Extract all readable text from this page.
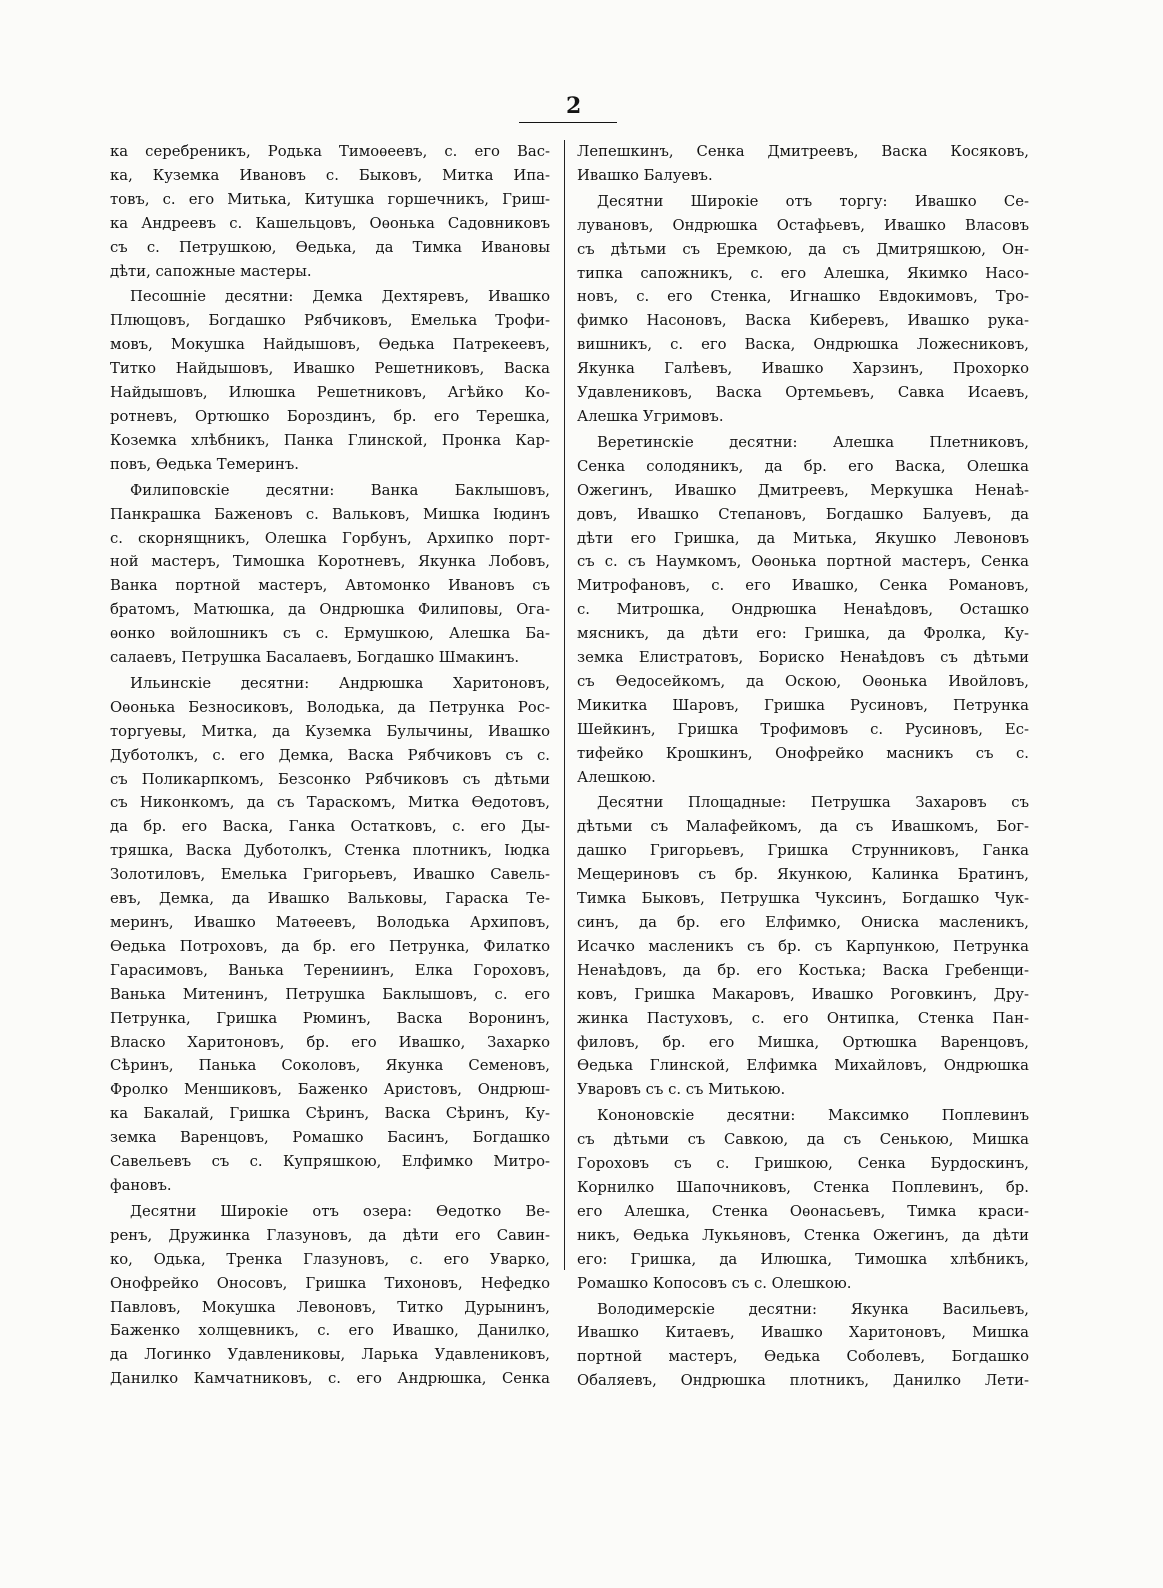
2

ка серебреникъ, Родька Тимоѳеевъ, с. его Вас-
ка, Куземка Ивановъ с. Быковъ, Митка Ипа-
товъ, с. его Митька, Китушка горшечникъ, Гриш-
ка Андреевъ с. Кашельцовъ, Оѳонька Садовниковъ
съ с. Петрушкою, Ѳедька, да Тимка Ивановы
дѣти, сапожные мастеры.

Песошніе десятни: Демка Дехтяревъ, Ивашко
Плющовъ, Богдашко Рябчиковъ, Емелька Трофи-
мовъ, Мокушка Найдышовъ, Ѳедька Патрекеевъ,
Титко Найдышовъ, Ивашко Решетниковъ, Васка
Найдышовъ, Илюшка Решетниковъ, Агѣйко Ко-
ротневъ, Ортюшко Бороздинъ, бр. его Терешка,
Коземка хлѣбникъ, Панка Глинской, Пронка Кар-
повъ, Ѳедька Темеринъ.

Филиповскіе десятни: Ванка Баклышовъ,
Панкрашка Баженовъ с. Вальковъ, Мишка Іюдинъ
с. скорнящникъ, Олешка Горбунъ, Архипко порт-
ной мастеръ, Тимошка Коротневъ, Якунка Лобовъ,
Ванка портной мастеръ, Автомонко Ивановъ съ
братомъ, Матюшка, да Ондрюшка Филиповы, Ога-
ѳонко войлошникъ съ с. Ермушкою, Алешка Ба-
салаевъ, Петрушка Басалаевъ, Богдашко Шмакинъ.

Ильинскіе десятни: Андрюшка Харитоновъ,
Оѳонька Безносиковъ, Володька, да Петрунка Рос-
торгуевы, Митка, да Куземка Булычины, Ивашко
Дуботолкъ, с. его Демка, Васка Рябчиковъ съ с.
съ Поликарпкомъ, Безсонко Рябчиковъ съ дѣтьми
съ Никонкомъ, да съ Тараскомъ, Митка Ѳедотовъ,
да бр. его Васка, Ганка Остатковъ, с. его Ды-
тряшка, Васка Дуботолкъ, Стенка плотникъ, Іюдка
Золотиловъ, Емелька Григорьевъ, Ивашко Савель-
евъ, Демка, да Ивашко Вальковы, Гараска Те-
меринъ, Ивашко Матѳеевъ, Володька Архиповъ,
Ѳедька Потроховъ, да бр. его Петрунка, Филатко
Гарасимовъ, Ванька Терениинъ, Елка Гороховъ,
Ванька Митенинъ, Петрушка Баклышовъ, с. его
Петрунка, Гришка Рюминъ, Васка Воронинъ,
Власко Харитоновъ, бр. его Ивашко, Захарко
Сѣринъ, Панька Соколовъ, Якунка Семеновъ,
Фролко Меншиковъ, Баженко Аристовъ, Ондрюш-
ка Бакалай, Гришка Сѣринъ, Васка Сѣринъ, Ку-
земка Варенцовъ, Ромашко Басинъ, Богдашко
Савельевъ съ с. Купряшкою, Елфимко Митро-
фановъ.

Десятни Широкіе отъ озера: Ѳедотко Ве-
ренъ, Дружинка Глазуновъ, да дѣти его Савин-
ко, Одька, Тренка Глазуновъ, с. его Уварко,
Онофрейко Оносовъ, Гришка Тихоновъ, Нефедко
Павловъ, Мокушка Левоновъ, Титко Дурынинъ,
Баженко холщевникъ, с. его Ивашко, Данилко,
да Логинко Удавлениковы, Ларька Удавлениковъ,
Данилко Камчатниковъ, с. его Андрюшка, Сенка

Лепешкинъ, Сенка Дмитреевъ, Васка Косяковъ,
Ивашко Балуевъ.

Десятни Широкіе отъ торгу: Ивашко Се-
лувановъ, Ондрюшка Остафьевъ, Ивашко Власовъ
съ дѣтьми съ Еремкою, да съ Дмитряшкою, Он-
типка сапожникъ, с. его Алешка, Якимко Насо-
новъ, с. его Стенка, Игнашко Евдокимовъ, Тро-
фимко Насоновъ, Васка Киберевъ, Ивашко рука-
вишникъ, с. его Васка, Ондрюшка Ложесниковъ,
Якунка Галѣевъ, Ивашко Харзинъ, Прохорко
Удавлениковъ, Васка Ортемьевъ, Савка Исаевъ,
Алешка Угримовъ.

Веретинскіе десятни: Алешка Плетниковъ,
Сенка солодяникъ, да бр. его Васка, Олешка
Ожегинъ, Ивашко Дмитреевъ, Меркушка Ненаѣ-
довъ, Ивашко Степановъ, Богдашко Балуевъ, да
дѣти его Гришка, да Митька, Якушко Левоновъ
съ с. съ Наумкомъ, Оѳонька портной мастеръ, Сенка
Митрофановъ, с. его Ивашко, Сенка Романовъ,
с. Митрошка, Ондрюшка Ненаѣдовъ, Осташко
мясникъ, да дѣти его: Гришка, да Фролка, Ку-
земка Елистратовъ, Бориско Ненаѣдовъ съ дѣтьми
съ Ѳедосейкомъ, да Оскою, Оѳонька Ивойловъ,
Микитка Шаровъ, Гришка Русиновъ, Петрунка
Шейкинъ, Гришка Трофимовъ с. Русиновъ, Ес-
тифейко Крошкинъ, Онофрейко масникъ съ с.
Алешкою.

Десятни Площадные: Петрушка Захаровъ съ
дѣтьми съ Малафейкомъ, да съ Ивашкомъ, Бог-
дашко Григорьевъ, Гришка Струнниковъ, Ганка
Мещериновъ съ бр. Якункою, Калинка Братинъ,
Тимка Быковъ, Петрушка Чуксинъ, Богдашко Чук-
синъ, да бр. его Елфимко, Ониска масленикъ,
Исачко масленикъ съ бр. съ Карпункою, Петрунка
Ненаѣдовъ, да бр. его Костька; Васка Гребенщи-
ковъ, Гришка Макаровъ, Ивашко Роговкинъ, Дру-
жинка Пастуховъ, с. его Онтипка, Стенка Пан-
филовъ, бр. его Мишка, Ортюшка Варенцовъ,
Ѳедька Глинской, Елфимка Михайловъ, Ондрюшка
Уваровъ съ с. съ Митькою.

Кононовскіе десятни: Максимко Поплевинъ
съ дѣтьми съ Савкою, да съ Сенькою, Мишка
Гороховъ съ с. Гришкою, Сенка Бурдоскинъ,
Корнилко Шапочниковъ, Стенка Поплевинъ, бр.
его Алешка, Стенка Оѳонасьевъ, Тимка краси-
никъ, Ѳедька Лукьяновъ, Стенка Ожегинъ, да дѣти
его: Гришка, да Илюшка, Тимошка хлѣбникъ,
Ромашко Копосовъ съ с. Олешкою.

Володимерскіе десятни: Якунка Васильевъ,
Ивашко Китаевъ, Ивашко Харитоновъ, Мишка
портной мастеръ, Ѳедька Соболевъ, Богдашко
Обаляевъ, Ондрюшка плотникъ, Данилко Лети-
